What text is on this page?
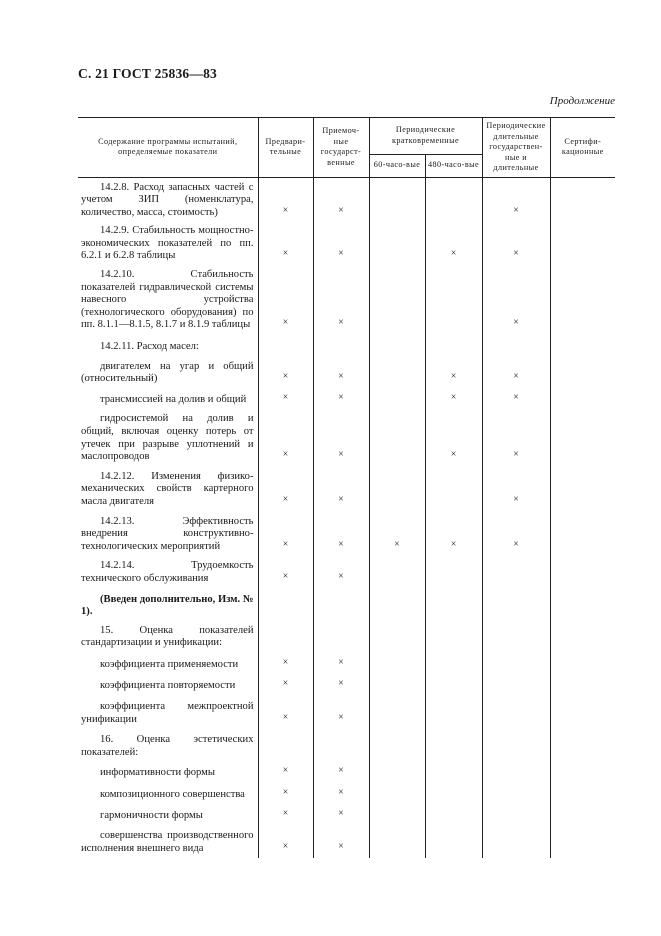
С. 21 ГОСТ 25836—83
Продолжение
Содержание программы испытаний, определяемые показатели	Предвари-тельные	Приемоч-ные государст-венные	Периодические кратковременные		Периодические длительные государствен-ные и длительные	Сертифи-кационные
			60-часо-вые	480-часо-вые		
14.2.8. Расход запасных частей с учетом ЗИП (номенклатура, количество, масса, стоимость)	×	×			×	
14.2.9. Стабильность мощностно-экономических показателей по пп. 6.2.1 и 6.2.8 таблицы	×	×		×	×	
14.2.10. Стабильность показателей гидравлической системы навесного устройства (технологического оборудования) по пп. 8.1.1—8.1.5, 8.1.7 и 8.1.9 таблицы	×	×			×	
14.2.11. Расход масел:						
двигателем на угар и общий (относительный)	×	×		×	×	
трансмиссией на долив и общий	×	×		×	×	
гидросистемой на долив и общий, включая оценку потерь от утечек при разрыве уплотнений и маслопроводов	×	×		×	×	
14.2.12. Изменения физико-механических свойств картерного масла двигателя	×	×			×	
14.2.13. Эффективность внедрения конструктивно-технологических мероприятий	×	×	×	×	×	
14.2.14. Трудоемкость технического обслуживания	×	×				
(Введен дополнительно, Изм. № 1).						
15. Оценка показателей стандартизации и унификации:						
коэффициента применяемости	×	×				
коэффициента повторяемости	×	×				
коэффициента межпроектной унификации	×	×				
16. Оценка эстетических показателей:						
информативности формы	×	×				
композиционного совершенства	×	×				
гармоничности формы	×	×				
совершенства производственного исполнения внешнего вида	×	×				
